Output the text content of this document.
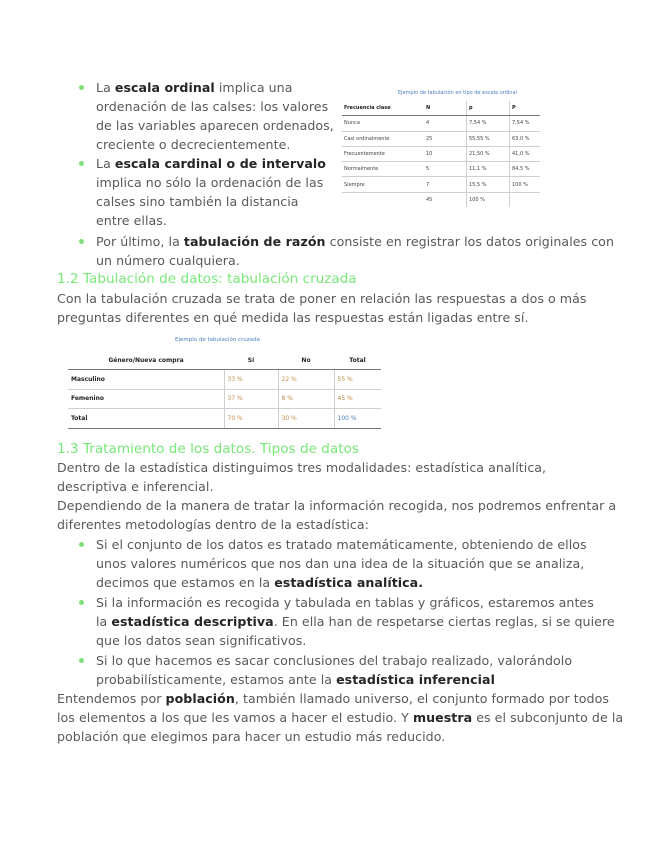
La escala ordinal implica una
ordenación de las calses: los valores
de las variables aparecen ordenados,
creciente o decrecientemente.
La escala cardinal o de intervalo
implica no sólo la ordenación de las
calses sino también la distancia
entre ellas.
Ejemplo de tabulación en tipo de escala ordinal
Frecuencia clase	N	p	P
Nunca	4	7,54 %	7,54 %
Casi ordinalmente	25	55,55 %	63,0 %
Frecuentemente	10	21,50 %	41,0 %
Normalmente	5	11,1 %	84,5 %
Siempre	7	15,5 %	100 %
	45	100 %	
Por último, la tabulación de razón consiste en registrar los datos originales con
un número cualquiera.
1.2 Tabulación de datos: tabulación cruzada
Con la tabulación cruzada se trata de poner en relación las respuestas a dos o más
preguntas diferentes en qué medida las respuestas están ligadas entre sí.
Ejemplo de tabulación cruzada
Género/Nueva compra	Sí	No	Total
Masculino	33 %	22 %	55 %
Femenino	37 %	8 %	45 %
Total	70 %	30 %	100 %
1.3 Tratamiento de los datos. Tipos de datos
Dentro de la estadística distinguimos tres modalidades: estadística analítica,
descriptiva e inferencial.
Dependiendo de la manera de tratar la información recogida, nos podremos enfrentar a
diferentes metodologías dentro de la estadística:
Si el conjunto de los datos es tratado matemáticamente, obteniendo de ellos
unos valores numéricos que nos dan una idea de la situación que se analiza,
decimos que estamos en la estadística analítica.
Si la información es recogida y tabulada en tablas y gráficos, estaremos antes
la estadística descriptiva. En ella han de respetarse ciertas reglas, si se quiere
que los datos sean significativos.
Si lo que hacemos es sacar conclusiones del trabajo realizado, valorándolo
probabilísticamente, estamos ante la estadística inferencial
Entendemos por población, también llamado universo, el conjunto formado por todos
los elementos a los que les vamos a hacer el estudio. Y muestra es el subconjunto de la
población que elegimos para hacer un estudio más reducido.
